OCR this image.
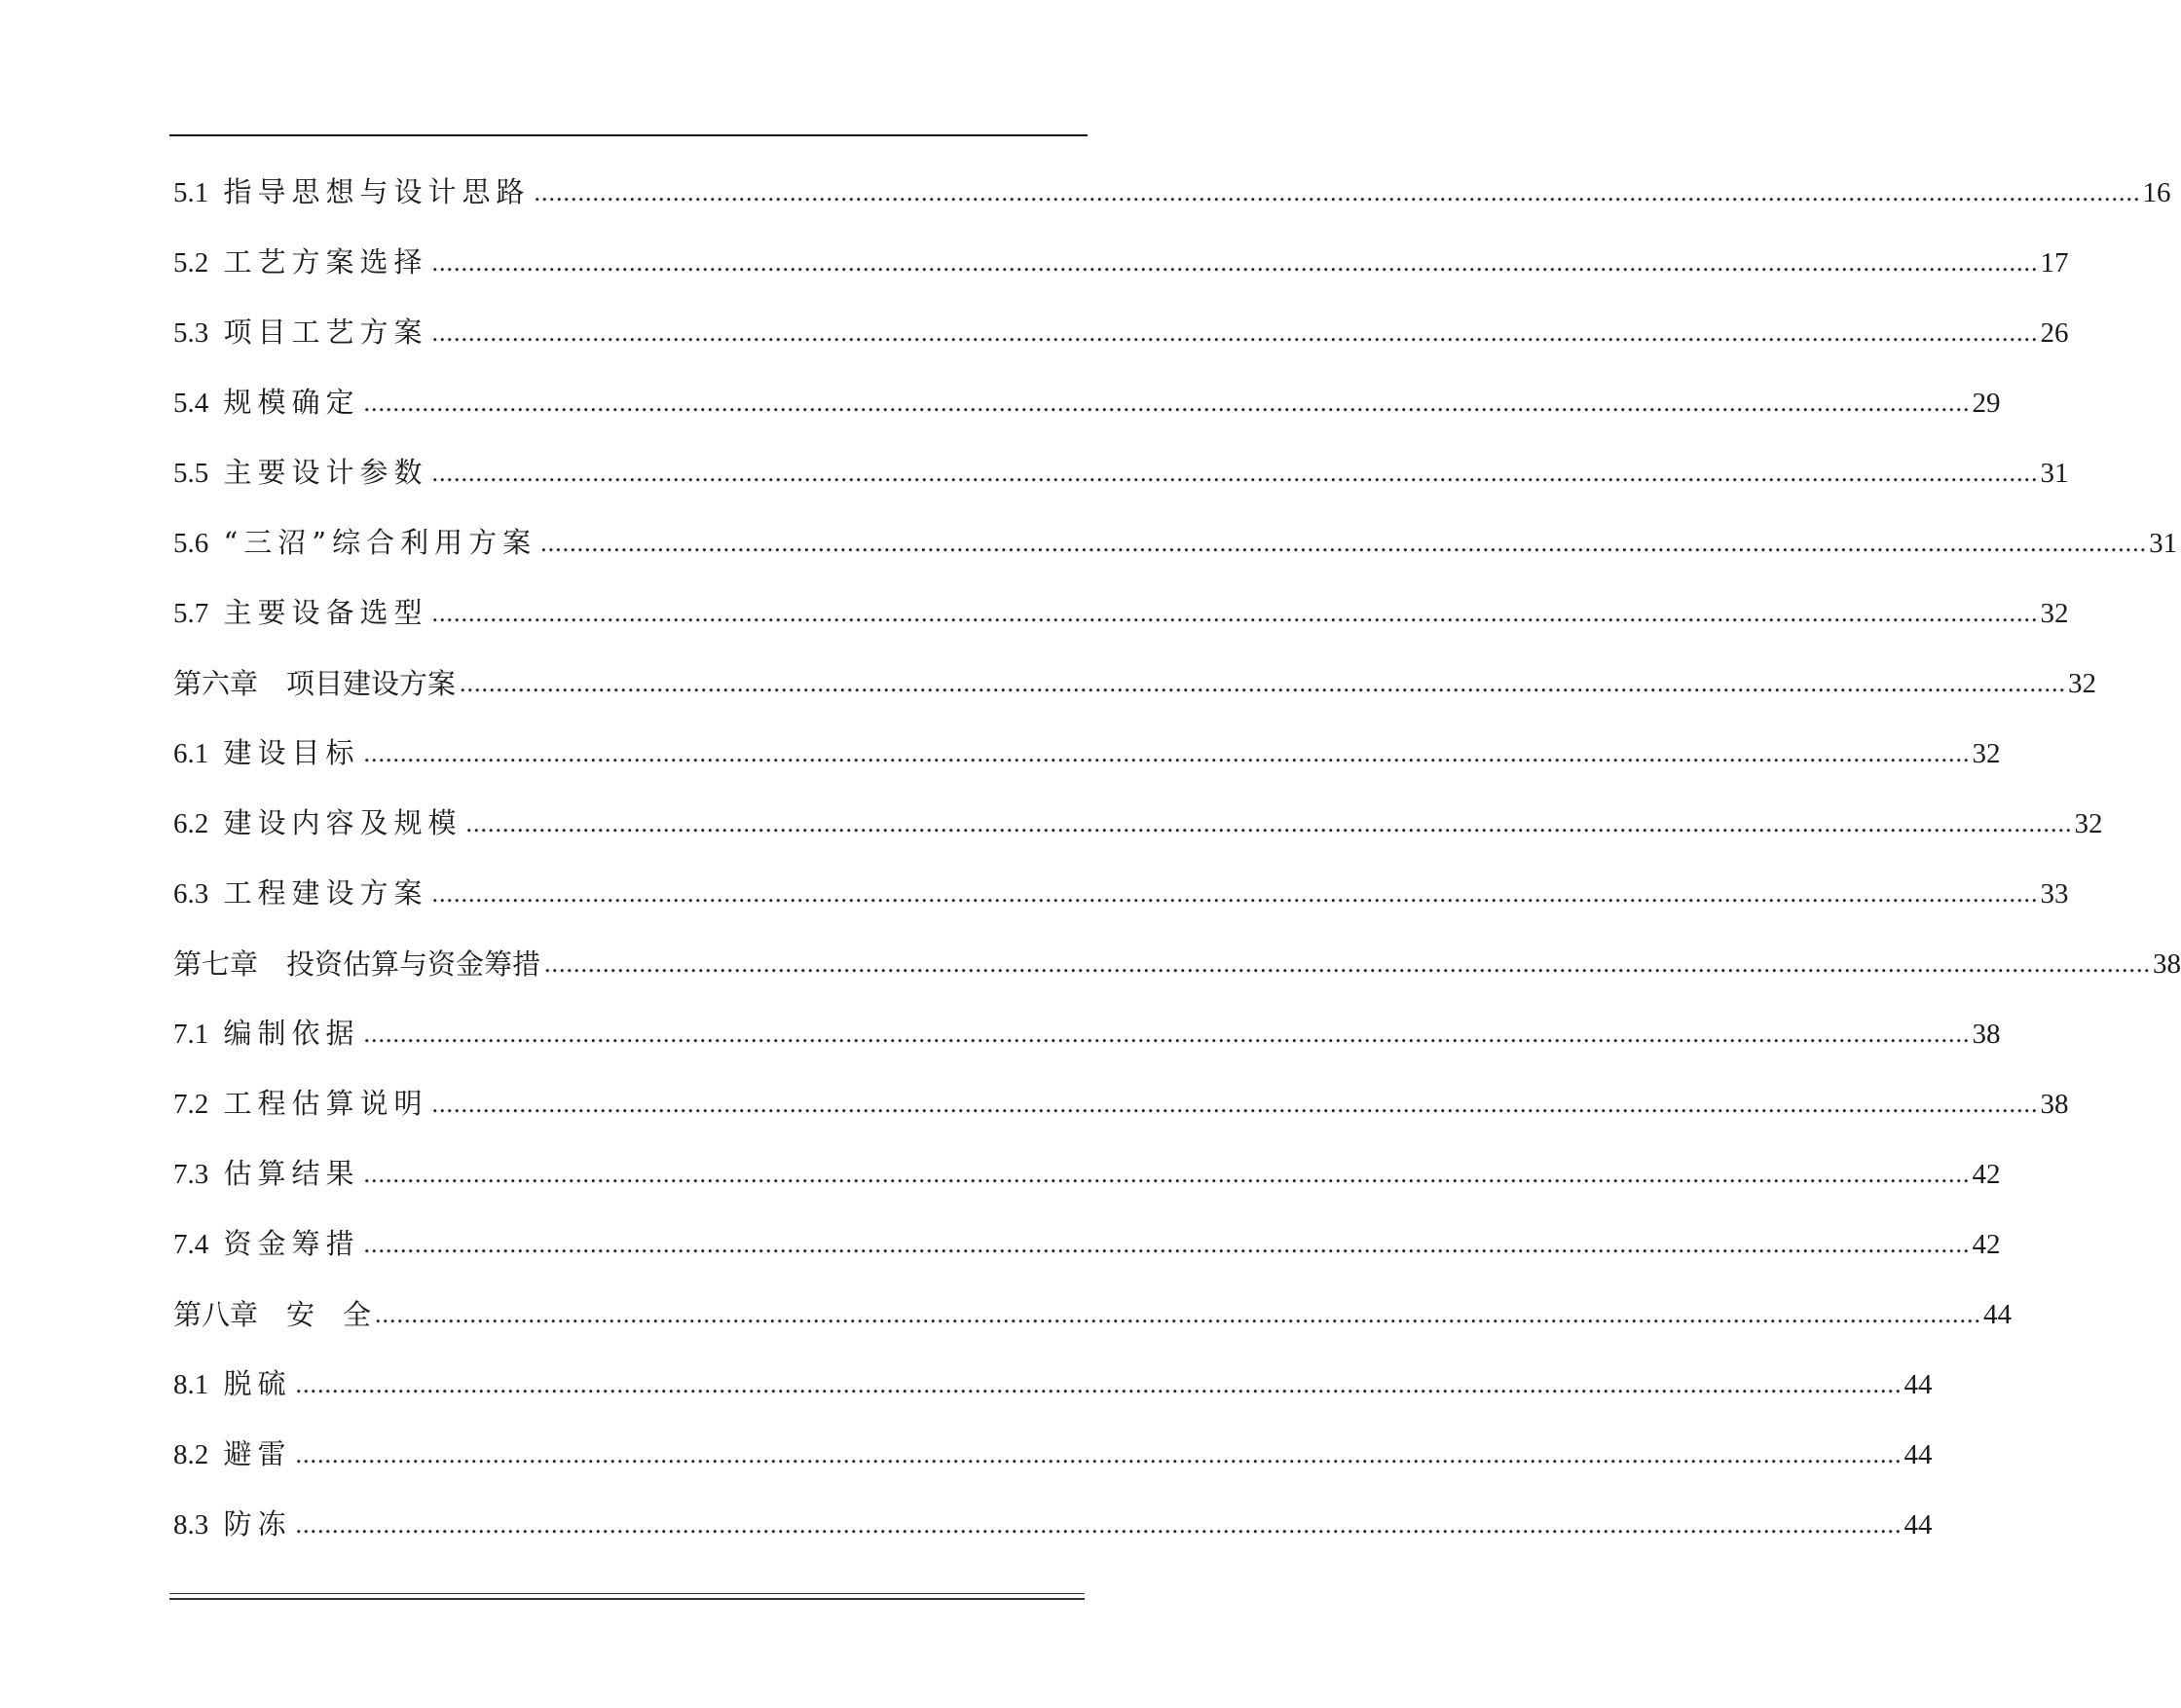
5.1 指导思想与设计思路 ............................................................................................................................................................................................................................ 16
5.2 工艺方案选择 ............................................................................................................................................................................................................................ 17
5.3 项目工艺方案 ............................................................................................................................................................................................................................ 26
5.4 规模确定 ............................................................................................................................................................................................................................ 29
5.5 主要设计参数 ............................................................................................................................................................................................................................ 31
5.6 “三沼”综合利用方案 ............................................................................................................................................................................................................................ 31
5.7 主要设备选型 ............................................................................................................................................................................................................................ 32
第六章　项目建设方案 ............................................................................................................................................................................................................................ 32
6.1 建设目标 ............................................................................................................................................................................................................................ 32
6.2 建设内容及规模 ............................................................................................................................................................................................................................ 32
6.3 工程建设方案 ............................................................................................................................................................................................................................ 33
第七章　投资估算与资金筹措 ............................................................................................................................................................................................................................ 38
7.1 编制依据 ............................................................................................................................................................................................................................ 38
7.2 工程估算说明 ............................................................................................................................................................................................................................ 38
7.3 估算结果 ............................................................................................................................................................................................................................ 42
7.4 资金筹措 ............................................................................................................................................................................................................................ 42
第八章　安　全 ............................................................................................................................................................................................................................ 44
8.1 脱硫 ............................................................................................................................................................................................................................ 44
8.2 避雷 ............................................................................................................................................................................................................................ 44
8.3 防冻 ............................................................................................................................................................................................................................ 44
